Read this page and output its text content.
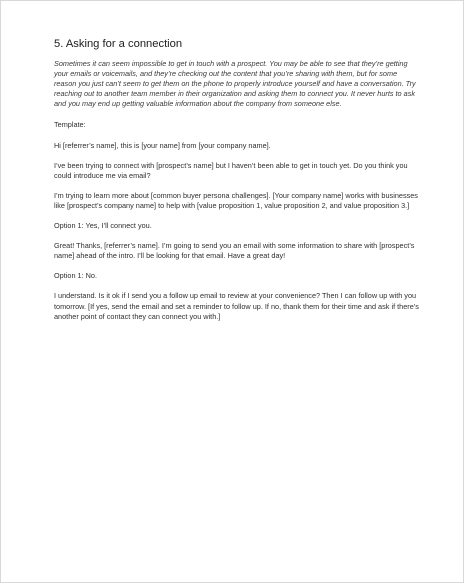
5. Asking for a connection

Sometimes it can seem impossible to get in touch with a prospect. You may be able to see that they’re getting your emails or voicemails, and they’re checking out the content that you’re sharing with them, but for some reason you just can’t seem to get them on the phone to properly introduce yourself and have a conversation. Try reaching out to another team member in their organization and asking them to connect you. It never hurts to ask and you may end up getting valuable information about the company from someone else.

Template:

Hi [referrer’s name], this is [your name] from [your company name].

I’ve been trying to connect with [prospect’s name] but I haven’t been able to get in touch yet. Do you think you could introduce me via email?

I’m trying to learn more about [common buyer persona challenges]. [Your company name] works with businesses like [prospect’s company name] to help with [value proposition 1, value proposition 2, and value proposition 3.]

Option 1: Yes, I’ll connect you.

Great! Thanks, [referrer’s name]. I’m going to send you an email with some information to share with [prospect’s name] ahead of the intro. I’ll be looking for that email. Have a great day!

Option 1: No.

I understand. Is it ok if I send you a follow up email to review at your convenience? Then I can follow up with you tomorrow. [If yes, send the email and set a reminder to follow up. If no, thank them for their time and ask if there’s another point of contact they can connect you with.]
